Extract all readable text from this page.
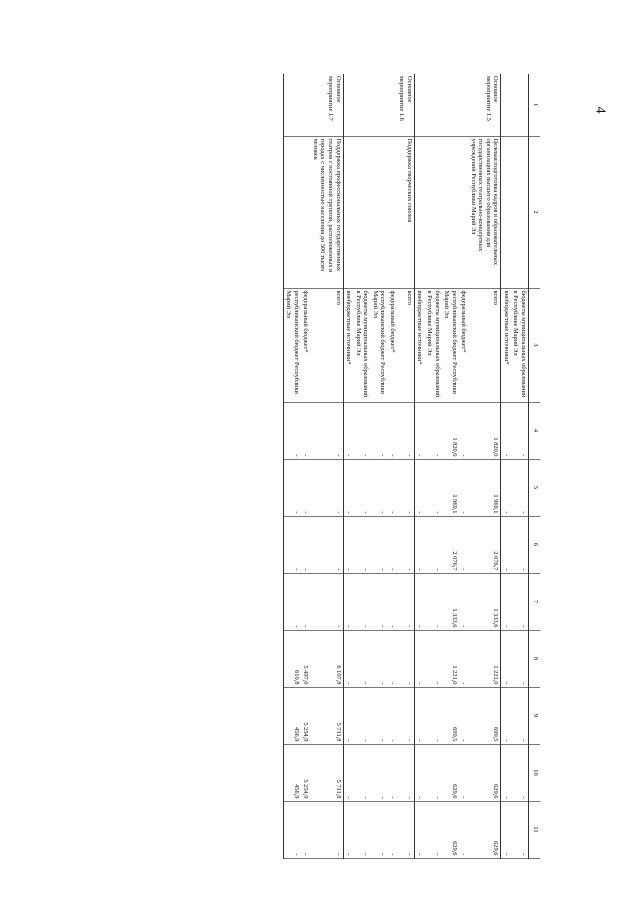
4
1	2	3	4	5	6	7	8	9	10	11
		бюджеты муниципальных образований в Республике Марий Эл	-	-	-	-	-	-	-	-
		внебюджетные источники*	-	-	-	-	-	-	-	-
Основное мероприятие 1.5	Целевая подготовка кадров в образовательных организациях высшего образования для государственных театрально-концертных учреждений Республики Марий Эл	всего	1 820,0	1 969,1	2 076,7	1 333,6	1 221,0	699,5	629,6	629,6
		федеральный бюджет*	-	-	-	-	-	-	-	-
		республиканский бюджет Республики Марий Эл	1 820,0	1 969,1	2 076,7	1 333,6	1 221,0	699,5	629,6	629,6
		бюджеты муниципальных образований в Республике Марий Эл	-	-	-	-	-	-	-	-
		внебюджетные источники*	-	-	-	-	-	-	-	-
Основное мероприятие 1.6	Поддержка творческих союзов	всего	-	-	-	-	-	-	-	-
		федеральный бюджет*	-	-	-	-	-	-	-	-
		республиканский бюджет Республики Марий Эл	-	-	-	-	-	-	-	-
		бюджеты муниципальных образований в Республике Марий Эл	-	-	-	-	-	-	-	-
		внебюджетные источники*	-	-	-	-	-	-	-	-
Основное мероприятие 1.7	Поддержка профессиональных государственных театров с постоянной труппой, расположенных в городах с численностью населения до 300 тысяч человек	всего	-	-	-	-	6 107,8	5 711,8	5 711,8	-
		федеральный бюджет*	-	-	-	-	5 497,0	5 254,9	5 254,9	-
		республиканский бюджет Республики Марий Эл	-	-	-	-	610,8	456,9	456,9	-
